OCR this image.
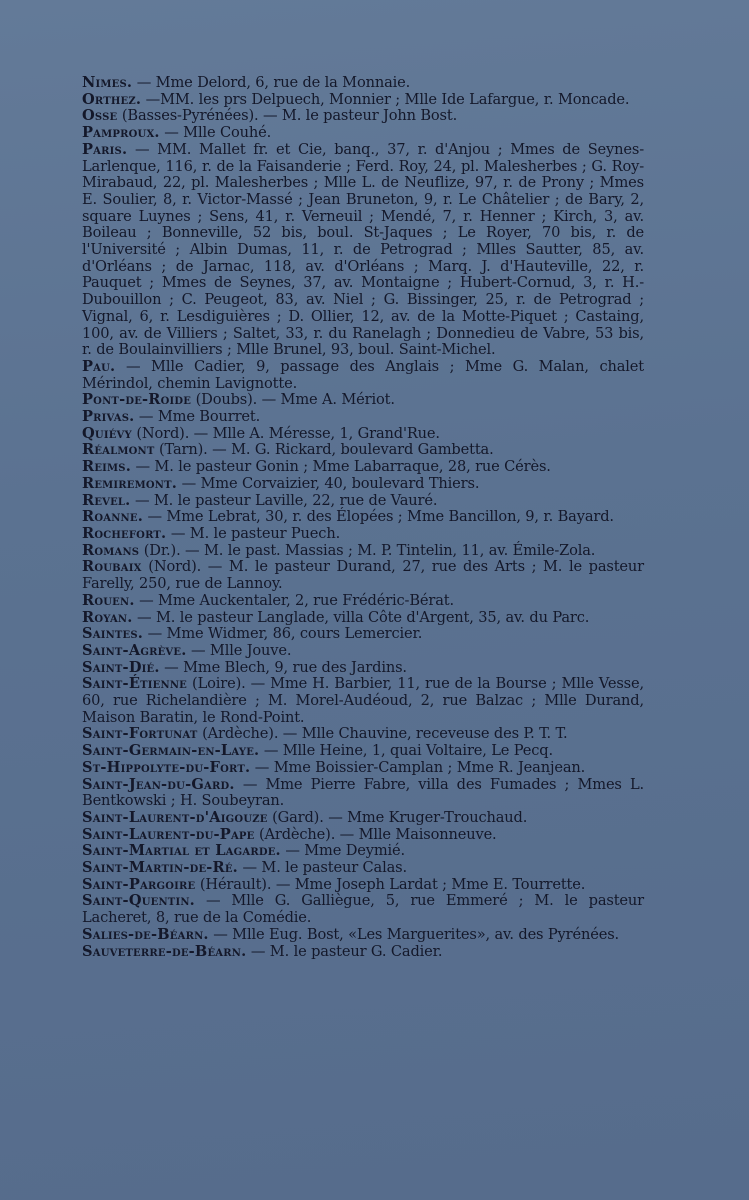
Nimes. — Mme Delord, 6, rue de la Monnaie.

Orthez. —MM. les prs Delpuech, Monnier ; Mlle Ide Lafargue, r. Moncade.

Osse (Basses-Pyrénées). — M. le pasteur John Bost.

Pamproux. — Mlle Couhé.

Paris. — MM. Mallet fr. et Cie, banq., 37, r. d'Anjou ; Mmes de Seynes-Larlenque, 116, r. de la Faisanderie ; Ferd. Roy, 24, pl. Malesherbes ; G. Roy-Mirabaud, 22, pl. Malesherbes ; Mlle L. de Neuflize, 97, r. de Prony ; Mmes E. Soulier, 8, r. Victor-Massé ; Jean Bruneton, 9, r. Le Châtelier ; de Bary, 2, square Luynes ; Sens, 41, r. Verneuil ; Mendé, 7, r. Henner ; Kirch, 3, av. Boileau ; Bonneville, 52 bis, boul. St-Jaques ; Le Royer, 70 bis, r. de l'Université ; Albin Dumas, 11, r. de Petrograd ; Mlles Sautter, 85, av. d'Orléans ; de Jarnac, 118, av. d'Orléans ; Marq. J. d'Hauteville, 22, r. Pauquet ; Mmes de Seynes, 37, av. Montaigne ; Hubert-Cornud, 3, r. H.-Dubouillon ; C. Peugeot, 83, av. Niel ; G. Bissinger, 25, r. de Petrograd ; Vignal, 6, r. Lesdiguières ; D. Ollier, 12, av. de la Motte-Piquet ; Castaing, 100, av. de Villiers ; Saltet, 33, r. du Ranelagh ; Donnedieu de Vabre, 53 bis, r. de Boulainvilliers ; Mlle Brunel, 93, boul. Saint-Michel.

Pau. — Mlle Cadier, 9, passage des Anglais ; Mme G. Malan, chalet Mérindol, chemin Lavignotte.

Pont-de-Roide (Doubs). — Mme A. Mériot.

Privas. — Mme Bourret.

Quiévy (Nord). — Mlle A. Méresse, 1, Grand'Rue.

Réalmont (Tarn). — M. G. Rickard, boulevard Gambetta.

Reims. — M. le pasteur Gonin ; Mme Labarraque, 28, rue Cérès.

Remiremont. — Mme Corvaizier, 40, boulevard Thiers.

Revel. — M. le pasteur Laville, 22, rue de Vauré.

Roanne. — Mme Lebrat, 30, r. des Élopées ; Mme Bancillon, 9, r. Bayard.

Rochefort. — M. le pasteur Puech.

Romans (Dr.). — M. le past. Massias ; M. P. Tintelin, 11, av. Émile-Zola.

Roubaix (Nord). — M. le pasteur Durand, 27, rue des Arts ; M. le pasteur Farelly, 250, rue de Lannoy.

Rouen. — Mme Auckentaler, 2, rue Frédéric-Bérat.

Royan. — M. le pasteur Langlade, villa Côte d'Argent, 35, av. du Parc.

Saintes. — Mme Widmer, 86, cours Lemercier.

Saint-Agrève. — Mlle Jouve.

Saint-Dié. — Mme Blech, 9, rue des Jardins.

Saint-Étienne (Loire). — Mme H. Barbier, 11, rue de la Bourse ; Mlle Vesse, 60, rue Richelandière ; M. Morel-Audéoud, 2, rue Balzac ; Mlle Durand, Maison Baratin, le Rond-Point.

Saint-Fortunat (Ardèche). — Mlle Chauvine, receveuse des P. T. T.

Saint-Germain-en-Laye. — Mlle Heine, 1, quai Voltaire, Le Pecq.

St-Hippolyte-du-Fort. — Mme Boissier-Camplan ; Mme R. Jeanjean.

Saint-Jean-du-Gard. — Mme Pierre Fabre, villa des Fumades ; Mmes L. Bentkowski ; H. Soubeyran.

Saint-Laurent-d'Aigouze (Gard). — Mme Kruger-Trouchaud.

Saint-Laurent-du-Pape (Ardèche). — Mlle Maisonneuve.

Saint-Martial et Lagarde. — Mme Deymié.

Saint-Martin-de-Ré. — M. le pasteur Calas.

Saint-Pargoire (Hérault). — Mme Joseph Lardat ; Mme E. Tourrette.

Saint-Quentin. — Mlle G. Galliègue, 5, rue Emmeré ; M. le pasteur Lacheret, 8, rue de la Comédie.

Salies-de-Béarn. — Mlle Eug. Bost, «Les Marguerites», av. des Pyrénées.

Sauveterre-de-Béarn. — M. le pasteur G. Cadier.
